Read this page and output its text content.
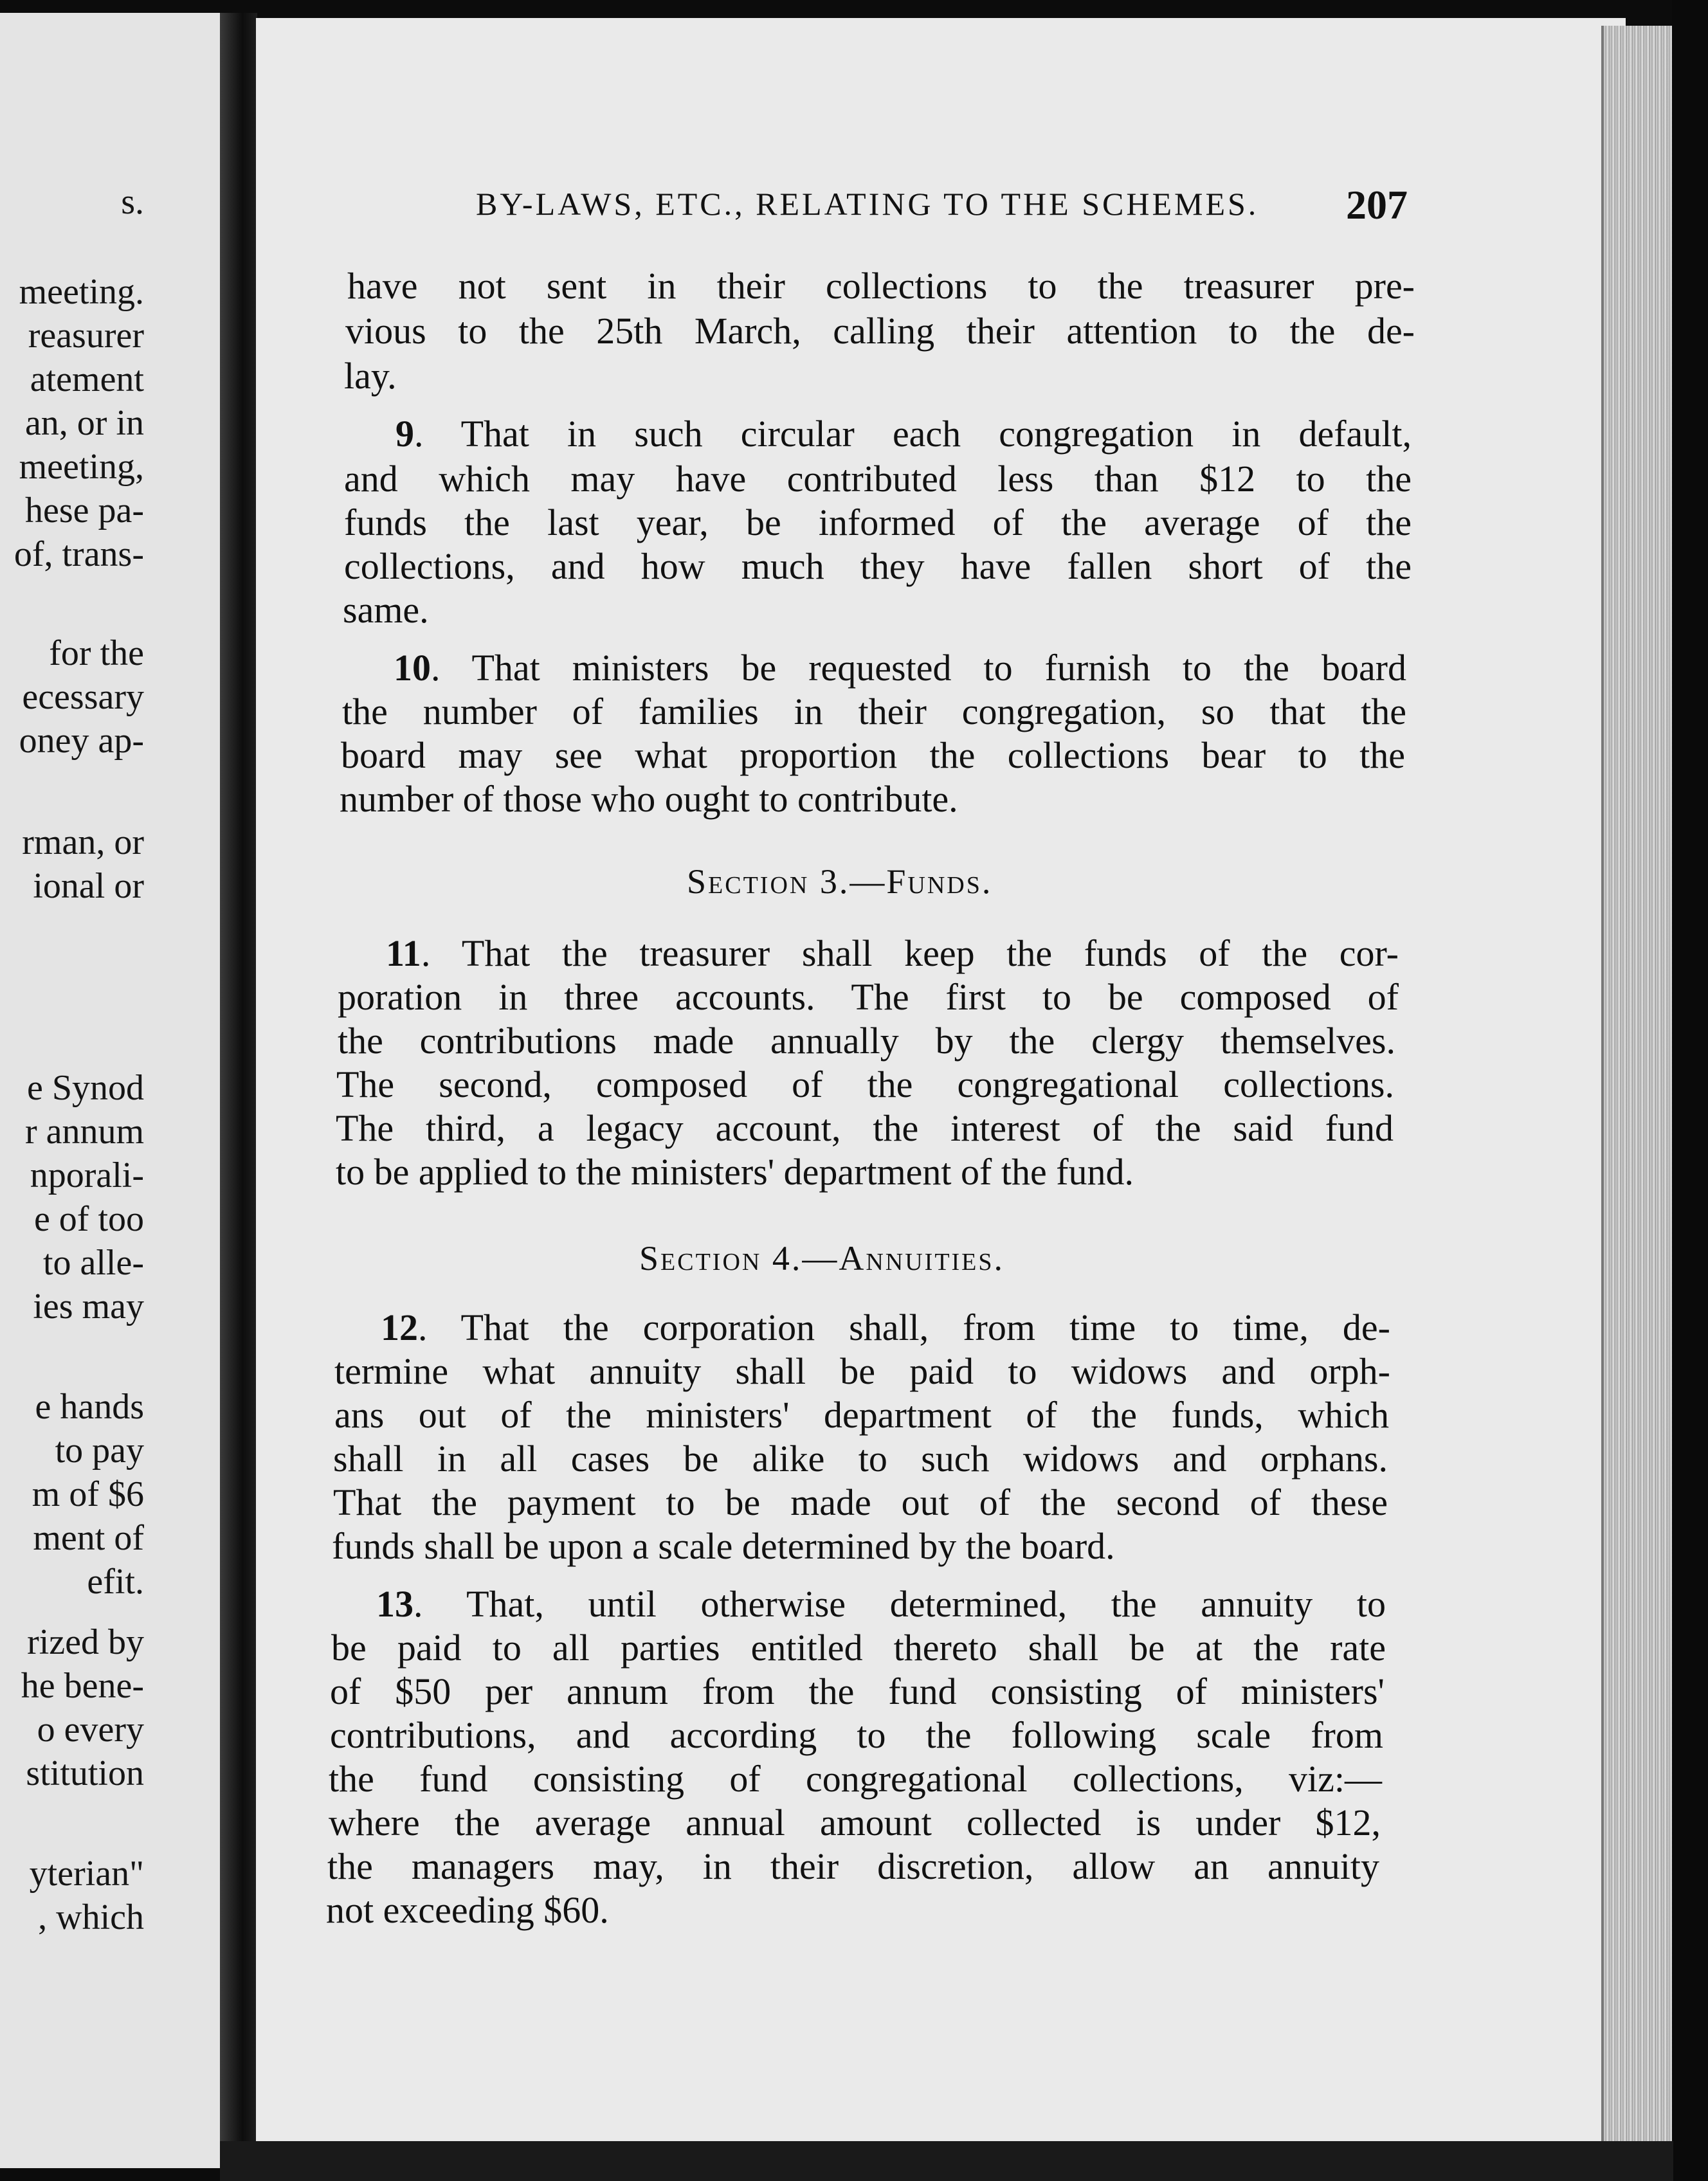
s.
meeting.
reasurer
atement
an, or in
meeting,
hese pa-
of, trans-
for the
ecessary
oney ap-
rman, or
ional or
e Synod
r annum
nporali-
e of too
to alle-
ies may
e hands
to pay
m of $6
ment of
efit.
rized by
he bene-
o every
stitution
yterian"
, which
BY-LAWS, ETC., RELATING TO THE SCHEMES. 207
have not sent in their collections to the treasurer pre-
vious to the 25th March, calling their attention to the de-
lay.
9. That in such circular each congregation in default,
and which may have contributed less than $12 to the
funds the last year, be informed of the average of the
collections, and how much they have fallen short of the
same.
10. That ministers be requested to furnish to the board
the number of families in their congregation, so that the
board may see what proportion the collections bear to the
number of those who ought to contribute.
Section 3.—Funds.
11. That the treasurer shall keep the funds of the cor-
poration in three accounts. The first to be composed of
the contributions made annually by the clergy themselves.
The second, composed of the congregational collections.
The third, a legacy account, the interest of the said fund
to be applied to the ministers' department of the fund.
Section 4.—Annuities.
12. That the corporation shall, from time to time, de-
termine what annuity shall be paid to widows and orph-
ans out of the ministers' department of the funds, which
shall in all cases be alike to such widows and orphans.
That the payment to be made out of the second of these
funds shall be upon a scale determined by the board.
13. That, until otherwise determined, the annuity to
be paid to all parties entitled thereto shall be at the rate
of $50 per annum from the fund consisting of ministers'
contributions, and according to the following scale from
the fund consisting of congregational collections, viz:—
where the average annual amount collected is under $12,
the managers may, in their discretion, allow an annuity
not exceeding $60.
